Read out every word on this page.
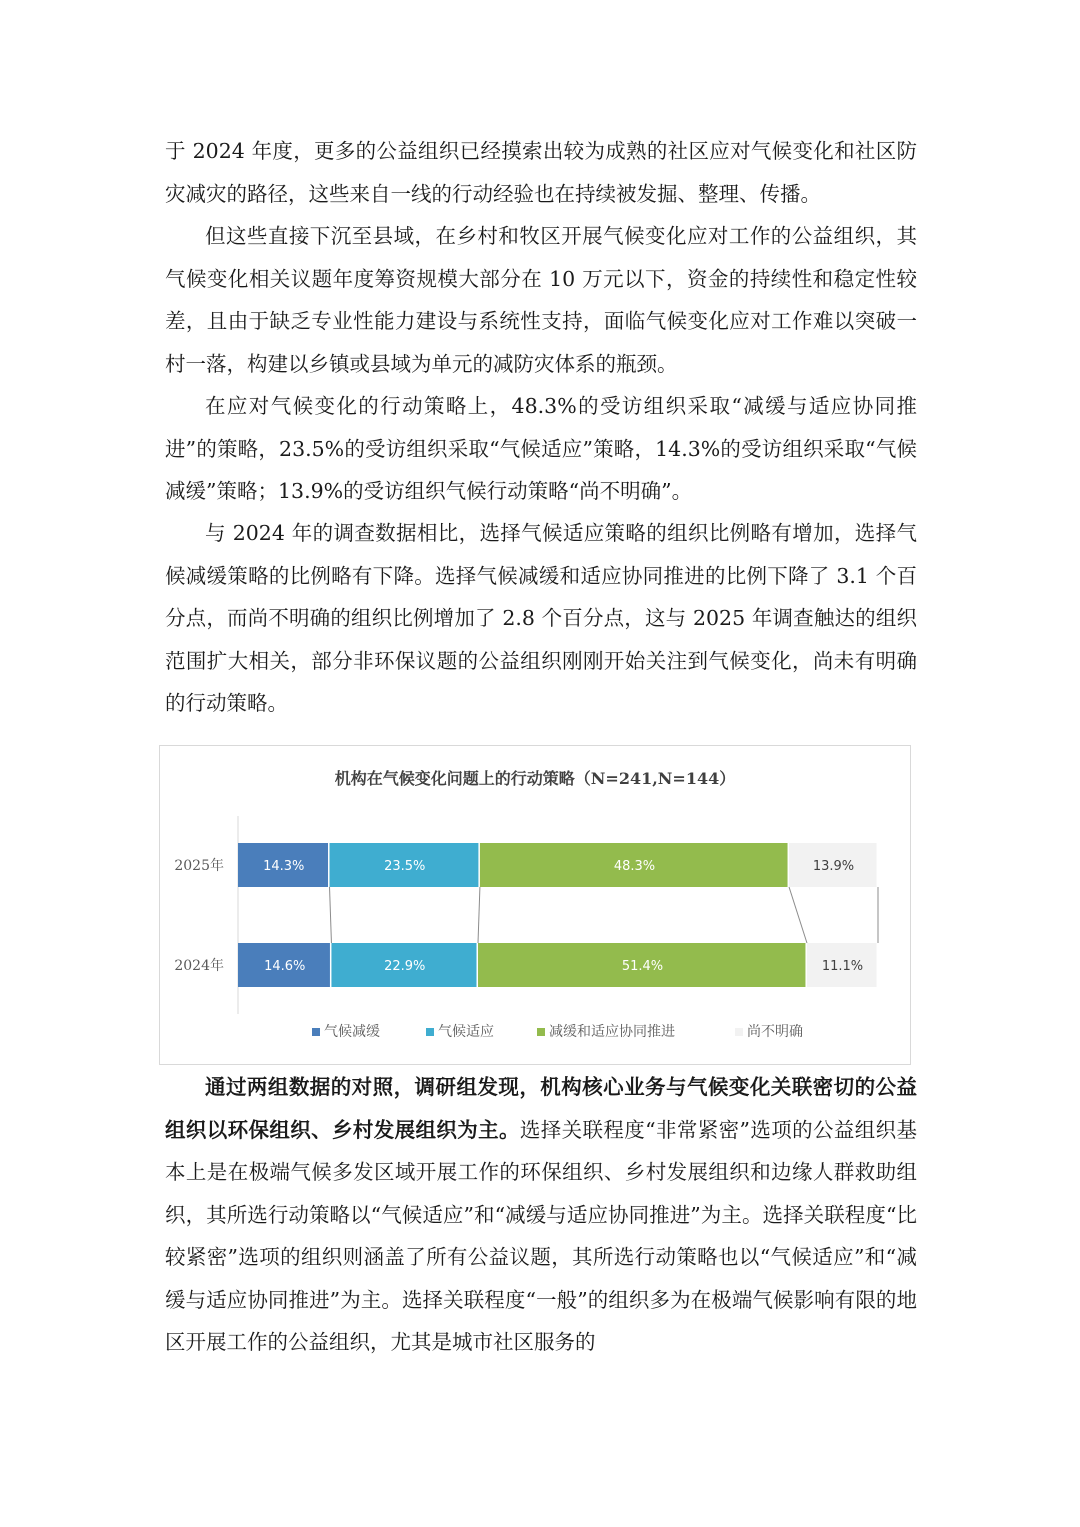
于 2024 年度，更多的公益组织已经摸索出较为成熟的社区应对气候变化和社区防灾减灾的路径，这些来自一线的行动经验也在持续被发掘、整理、传播。

但这些直接下沉至县域，在乡村和牧区开展气候变化应对工作的公益组织，其气候变化相关议题年度筹资规模大部分在 10 万元以下，资金的持续性和稳定性较差，且由于缺乏专业性能力建设与系统性支持，面临气候变化应对工作难以突破一村一落，构建以乡镇或县域为单元的减防灾体系的瓶颈。

在应对气候变化的行动策略上，48.3%的受访组织采取“减缓与适应协同推进”的策略，23.5%的受访组织采取“气候适应”策略，14.3%的受访组织采取“气候减缓”策略；13.9%的受访组织气候行动策略“尚不明确”。

与 2024 年的调查数据相比，选择气候适应策略的组织比例略有增加，选择气候减缓策略的比例略有下降。选择气候减缓和适应协同推进的比例下降了 3.1 个百分点，而尚不明确的组织比例增加了 2.8 个百分点，这与 2025 年调查触达的组织范围扩大相关，部分非环保议题的公益组织刚刚开始关注到气候变化，尚未有明确的行动策略。

机构在气候变化问题上的行动策略（N=241,N=144）
2025年	14.3%	23.5%	48.3%	13.9%
2024年	14.6%	22.9%	51.4%	11.1%
气候减缓	气候适应	减缓和适应协同推进	尚不明确

通过两组数据的对照，调研组发现，机构核心业务与气候变化关联密切的公益组织以环保组织、乡村发展组织为主。选择关联程度“非常紧密”选项的公益组织基本上是在极端气候多发区域开展工作的环保组织、乡村发展组织和边缘人群救助组织，其所选行动策略以“气候适应”和“减缓与适应协同推进”为主。选择关联程度“比较紧密”选项的组织则涵盖了所有公益议题，其所选行动策略也以“气候适应”和“减缓与适应协同推进”为主。选择关联程度“一般”的组织多为在极端气候影响有限的地区开展工作的公益组织，尤其是城市社区服务的
